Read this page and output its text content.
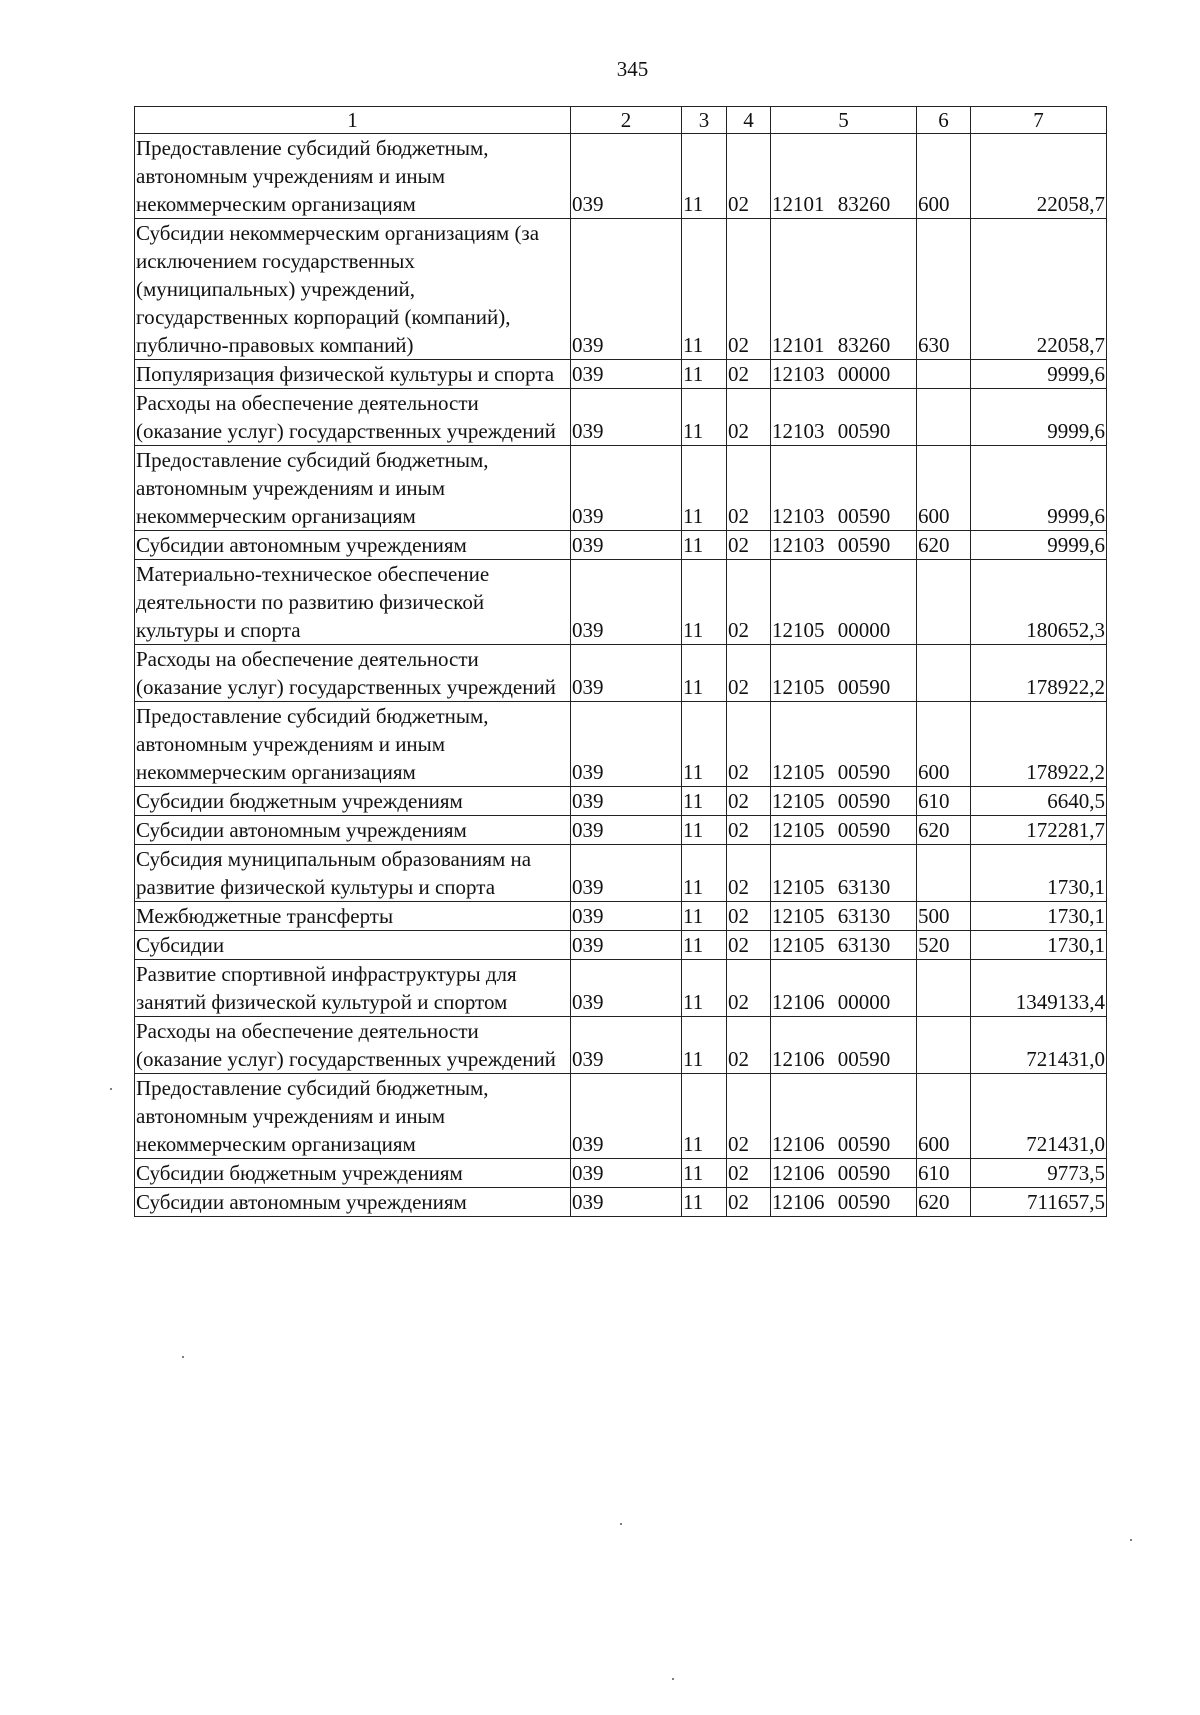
345
1	2	3	4	5	6	7
Предоставление субсидий бюджетным, автономным учреждениям и иным некоммерческим организациям	039	11	02	12101 83260	600	22058,7
Субсидии некоммерческим организациям (за исключением государственных (муниципальных) учреждений, государственных корпораций (компаний), публично-правовых компаний)	039	11	02	12101 83260	630	22058,7
Популяризация физической культуры и спорта	039	11	02	12103 00000		9999,6
Расходы на обеспечение деятельности (оказание услуг) государственных учреждений	039	11	02	12103 00590		9999,6
Предоставление субсидий бюджетным, автономным учреждениям и иным некоммерческим организациям	039	11	02	12103 00590	600	9999,6
Субсидии автономным учреждениям	039	11	02	12103 00590	620	9999,6
Материально-техническое обеспечение деятельности по развитию физической культуры и спорта	039	11	02	12105 00000		180652,3
Расходы на обеспечение деятельности (оказание услуг) государственных учреждений	039	11	02	12105 00590		178922,2
Предоставление субсидий бюджетным, автономным учреждениям и иным некоммерческим организациям	039	11	02	12105 00590	600	178922,2
Субсидии бюджетным учреждениям	039	11	02	12105 00590	610	6640,5
Субсидии автономным учреждениям	039	11	02	12105 00590	620	172281,7
Субсидия муниципальным образованиям на развитие физической культуры и спорта	039	11	02	12105 63130		1730,1
Межбюджетные трансферты	039	11	02	12105 63130	500	1730,1
Субсидии	039	11	02	12105 63130	520	1730,1
Развитие спортивной инфраструктуры для занятий физической культурой и спортом	039	11	02	12106 00000		1349133,4
Расходы на обеспечение деятельности (оказание услуг) государственных учреждений	039	11	02	12106 00590		721431,0
Предоставление субсидий бюджетным, автономным учреждениям и иным некоммерческим организациям	039	11	02	12106 00590	600	721431,0
Субсидии бюджетным учреждениям	039	11	02	12106 00590	610	9773,5
Субсидии автономным учреждениям	039	11	02	12106 00590	620	711657,5
